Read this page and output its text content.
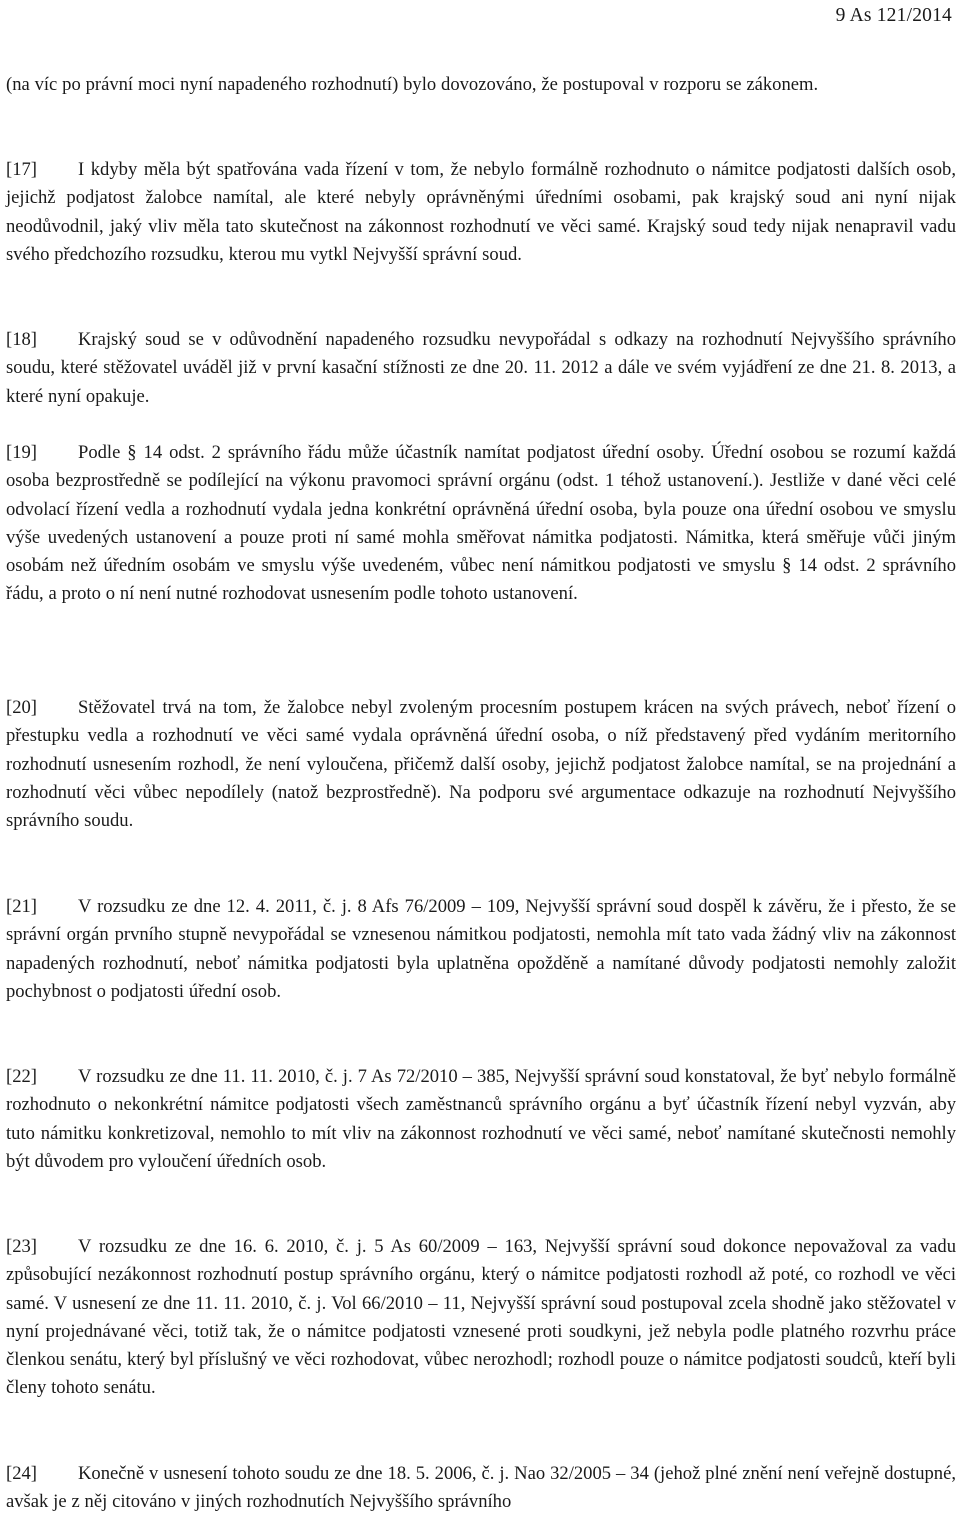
9 As 121/2014
(na víc po právní moci nyní napadeného rozhodnutí) bylo dovozováno, že postupoval v rozporu se zákonem.
[17] I kdyby měla být spatřována vada řízení v tom, že nebylo formálně rozhodnuto o námitce podjatosti dalších osob, jejichž podjatost žalobce namítal, ale které nebyly oprávněnými úředními osobami, pak krajský soud ani nyní nijak neodůvodnil, jaký vliv měla tato skutečnost na zákonnost rozhodnutí ve věci samé. Krajský soud tedy nijak nenapravil vadu svého předchozího rozsudku, kterou mu vytkl Nejvyšší správní soud.
[18] Krajský soud se v odůvodnění napadeného rozsudku nevypořádal s odkazy na rozhodnutí Nejvyššího správního soudu, které stěžovatel uváděl již v první kasační stížnosti ze dne 20. 11. 2012 a dále ve svém vyjádření ze dne 21. 8. 2013, a které nyní opakuje.
[19] Podle § 14 odst. 2 správního řádu může účastník namítat podjatost úřední osoby. Úřední osobou se rozumí každá osoba bezprostředně se podílející na výkonu pravomoci správní orgánu (odst. 1 téhož ustanovení.). Jestliže v dané věci celé odvolací řízení vedla a rozhodnutí vydala jedna konkrétní oprávněná úřední osoba, byla pouze ona úřední osobou ve smyslu výše uvedených ustanovení a pouze proti ní samé mohla směřovat námitka podjatosti. Námitka, která směřuje vůči jiným osobám než úředním osobám ve smyslu výše uvedeném, vůbec není námitkou podjatosti ve smyslu § 14 odst. 2 správního řádu, a proto o ní není nutné rozhodovat usnesením podle tohoto ustanovení.
[20] Stěžovatel trvá na tom, že žalobce nebyl zvoleným procesním postupem krácen na svých právech, neboť řízení o přestupku vedla a rozhodnutí ve věci samé vydala oprávněná úřední osoba, o níž představený před vydáním meritorního rozhodnutí usnesením rozhodl, že není vyloučena, přičemž další osoby, jejichž podjatost žalobce namítal, se na projednání a rozhodnutí věci vůbec nepodílely (natož bezprostředně). Na podporu své argumentace odkazuje na rozhodnutí Nejvyššího správního soudu.
[21] V rozsudku ze dne 12. 4. 2011, č. j. 8 Afs 76/2009 – 109, Nejvyšší správní soud dospěl k závěru, že i přesto, že se správní orgán prvního stupně nevypořádal se vznesenou námitkou podjatosti, nemohla mít tato vada žádný vliv na zákonnost napadených rozhodnutí, neboť námitka podjatosti byla uplatněna opožděně a namítané důvody podjatosti nemohly založit pochybnost o podjatosti úřední osob.
[22] V rozsudku ze dne 11. 11. 2010, č. j. 7 As 72/2010 – 385, Nejvyšší správní soud konstatoval, že byť nebylo formálně rozhodnuto o nekonkrétní námitce podjatosti všech zaměstnanců správního orgánu a byť účastník řízení nebyl vyzván, aby tuto námitku konkretizoval, nemohlo to mít vliv na zákonnost rozhodnutí ve věci samé, neboť namítané skutečnosti nemohly být důvodem pro vyloučení úředních osob.
[23] V rozsudku ze dne 16. 6. 2010, č. j. 5 As 60/2009 – 163, Nejvyšší správní soud dokonce nepovažoval za vadu způsobující nezákonnost rozhodnutí postup správního orgánu, který o námitce podjatosti rozhodl až poté, co rozhodl ve věci samé. V usnesení ze dne 11. 11. 2010, č. j. Vol 66/2010 – 11, Nejvyšší správní soud postupoval zcela shodně jako stěžovatel v nyní projednávané věci, totiž tak, že o námitce podjatosti vznesené proti soudkyni, jež nebyla podle platného rozvrhu práce členkou senátu, který byl příslušný ve věci rozhodovat, vůbec nerozhodl; rozhodl pouze o námitce podjatosti soudců, kteří byli členy tohoto senátu.
[24] Konečně v usnesení tohoto soudu ze dne 18. 5. 2006, č. j. Nao 32/2005 – 34 (jehož plné znění není veřejně dostupné, avšak je z něj citováno v jiných rozhodnutích Nejvyššího správního
